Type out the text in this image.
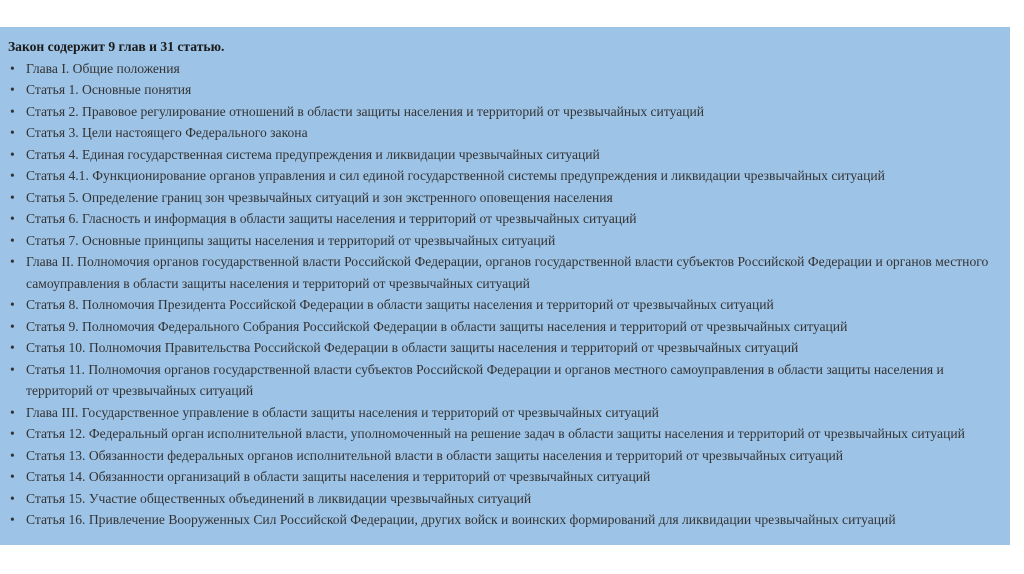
Закон содержит 9 глав и 31 статью.
• Глава I. Общие положения
• Статья 1. Основные понятия
• Статья 2. Правовое регулирование отношений в области защиты населения и территорий от чрезвычайных ситуаций
• Статья 3. Цели настоящего Федерального закона
• Статья 4. Единая государственная система предупреждения и ликвидации чрезвычайных ситуаций
• Статья 4.1. Функционирование органов управления и сил единой государственной системы предупреждения и ликвидации чрезвычайных ситуаций
• Статья 5. Определение границ зон чрезвычайных ситуаций и зон экстренного оповещения населения
• Статья 6. Гласность и информация в области защиты населения и территорий от чрезвычайных ситуаций
• Статья 7. Основные принципы защиты населения и территорий от чрезвычайных ситуаций
• Глава II. Полномочия органов государственной власти Российской Федерации, органов государственной власти субъектов Российской Федерации и органов местного самоуправления в области защиты населения и территорий от чрезвычайных ситуаций
• Статья 8. Полномочия Президента Российской Федерации в области защиты населения и территорий от чрезвычайных ситуаций
• Статья 9. Полномочия Федерального Собрания Российской Федерации в области защиты населения и территорий от чрезвычайных ситуаций
• Статья 10. Полномочия Правительства Российской Федерации в области защиты населения и территорий от чрезвычайных ситуаций
• Статья 11. Полномочия органов государственной власти субъектов Российской Федерации и органов местного самоуправления в области защиты населения и территорий от чрезвычайных ситуаций
• Глава III. Государственное управление в области защиты населения и территорий от чрезвычайных ситуаций
• Статья 12. Федеральный орган исполнительной власти, уполномоченный на решение задач в области защиты населения и территорий от чрезвычайных ситуаций
• Статья 13. Обязанности федеральных органов исполнительной власти в области защиты населения и территорий от чрезвычайных ситуаций
• Статья 14. Обязанности организаций в области защиты населения и территорий от чрезвычайных ситуаций
• Статья 15. Участие общественных объединений в ликвидации чрезвычайных ситуаций
• Статья 16. Привлечение Вооруженных Сил Российской Федерации, других войск и воинских формирований для ликвидации чрезвычайных ситуаций
